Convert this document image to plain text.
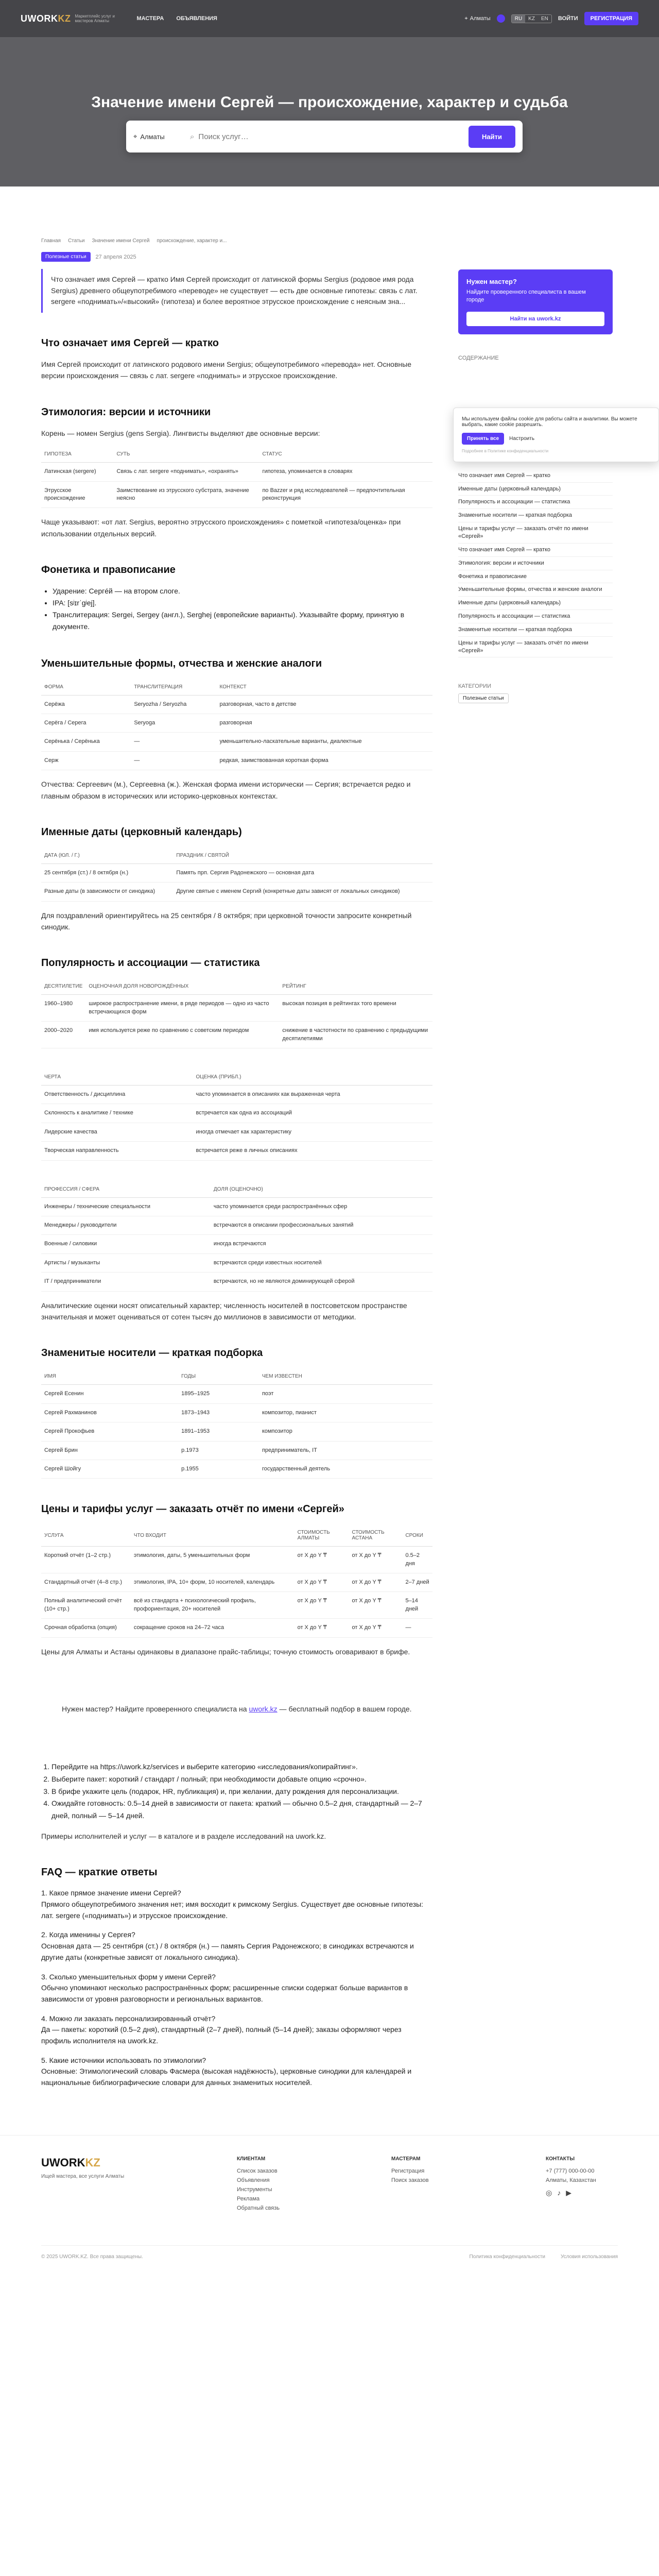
UWORKKZ Маркетплейс услуг и мастеров Алматы	МАСТЕРА ОБЪЯВЛЕНИЯ	⌖ Алматы	RU	KZ	EN	ВОЙТИ	РЕГИСТРАЦИЯ
Значение имени Сергей — происхождение, характер и судьба
⌖ Алматы	⌕
Поиск услуг…	Найти
Главная Статьи Значение имени Сергей происхождение, характер и...
Полезные статьи	27 апреля 2025
Что означает имя Сергей — кратко Имя Сергей происходит от латинской формы Sergius (родовое имя рода Sergius) древнего общеупотребимого «переводе» не существует — есть две основные гипотезы: связь с лат. sergere «поднимать»/«высокий» (гипотеза) и более вероятное этрусское происхождение с неясным зна...
Что означает имя Сергей — кратко

Имя Сергей происходит от латинского родового имени Sergius; общеупотребимого «перевода» нет. Основные версии происхождения — связь с лат. sergere «поднимать» и этрусское происхождение.

Этимология: версии и источники

Корень — номен Sergius (gens Sergia). Лингвисты выделяют две основные версии:

ГИПОТЕЗА	СУТЬ	СТАТУС
Латинская (sergere)	Связь с лат. sergere «поднимать», «охранять»	гипотеза, упоминается в словарях
Этрусское происхождение	Заимствование из этрусского субстрата, значение неясно	по Bazzer и ряд исследователей — предпочтительная реконструкция

Чаще указывают: «от лат. Sergius, вероятно этрусского происхождения» с пометкой «гипотеза/оценка» при использовании отдельных версий.

Фонетика и правописание
• Ударение: Сергéй — на втором слоге.
• IPA: [sʲɪrˈɡʲej].
• Транслитерация: Sergei, Sergey (англ.), Serghej (европейские варианты). Указывайте форму, принятую в документе.
Уменьшительные формы, отчества и женские аналоги
ФОРМА	ТРАНСЛИТЕРАЦИЯ	КОНТЕКСТ
Серёжа	Seryozha / Seryozha	разговорная, часто в детстве
Серёга / Серега	Seryoga	разговорная
Серёнька / Серёнька	—	уменьшительно-ласкательные варианты, диалектные
Серж	—	редкая, заимствованная короткая форма

Отчества: Сергеевич (м.), Сергеевна (ж.). Женская форма имени исторически — Сергия; встречается редко и главным образом в исторических или историко-церковных контекстах.

Именные даты (церковный календарь)
ДАТА (ЮЛ. / Г.)	ПРАЗДНИК / СВЯТОЙ
25 сентября (ст.) / 8 октября (н.)	Память прп. Сергия Радонежского — основная дата
Разные даты (в зависимости от синодика)	Другие святые с именем Сергий (конкретные даты зависят от локальных синодиков)

Для поздравлений ориентируйтесь на 25 сентября / 8 октября; при церковной точности запросите конкретный синодик.

Популярность и ассоциации — статистика
ДЕСЯТИЛЕТИЕ	ОЦЕНОЧНАЯ ДОЛЯ НОВОРОЖДЁННЫХ	РЕЙТИНГ
1960–1980	широкое распространение имени, в ряде периодов — одно из часто встречающихся форм	высокая позиция в рейтингах того времени
2000–2020	имя используется реже по сравнению с советским периодом	снижение в частотности по сравнению с предыдущими десятилетиями
ЧЕРТА	ОЦЕНКА (ПРИБЛ.)
Ответственность / дисциплина	часто упоминается в описаниях как выраженная черта
Склонность к аналитике / технике	встречается как одна из ассоциаций
Лидерские качества	иногда отмечает как характеристику
Творческая направленность	встречается реже в личных описаниях
ПРОФЕССИЯ / СФЕРА	ДОЛЯ (ОЦЕНОЧНО)
Инженеры / технические специальности	часто упоминается среди распространённых сфер
Менеджеры / руководители	встречаются в описании профессиональных занятий
Военные / силовики	иногда встречаются
Артисты / музыканты	встречаются среди известных носителей
IT / предприниматели	встречаются, но не являются доминирующей сферой

Аналитические оценки носят описательный характер; численность носителей в постсоветском пространстве значительная и может оцениваться от сотен тысяч до миллионов в зависимости от методики.

Знаменитые носители — краткая подборка
ИМЯ	ГОДЫ	ЧЕМ ИЗВЕСТЕН
Сергей Есенин	1895–1925	поэт
Сергей Рахманинов	1873–1943	композитор, пианист
Сергей Прокофьев	1891–1953	композитор
Сергей Брин	р.1973	предприниматель, IT
Сергей Шойгу	р.1955	государственный деятель
Цены и тарифы услуг — заказать отчёт по имени «Сергей»
УСЛУГА	ЧТО ВХОДИТ	СТОИМОСТЬ АЛМАТЫ	СТОИМОСТЬ АСТАНА	СРОКИ
Короткий отчёт (1–2 стр.)	этимология, даты, 5 уменьшительных форм	от X до Y ₸	от X до Y ₸	0.5–2 дня
Стандартный отчёт (4–8 стр.)	этимология, IPA, 10+ форм, 10 носителей, календарь	от X до Y ₸	от X до Y ₸	2–7 дней
Полный аналитический отчёт (10+ стр.)	всё из стандарта + психологический профиль, профориентация, 20+ носителей	от X до Y ₸	от X до Y ₸	5–14 дней
Срочная обработка (опция)	сокращение сроков на 24–72 часа	от X до Y ₸	от X до Y ₸	—

Цены для Алматы и Астаны одинаковы в диапазоне прайс-таблицы; точную стоимость оговаривают в брифе.

Нужен мастер? Найдите проверенного специалиста на uwork.kz — бесплатный подбор в вашем городе.
1. Перейдите на https://uwork.kz/services и выберите категорию «исследования/копирайтинг».
2. Выберите пакет: короткий / стандарт / полный; при необходимости добавьте опцию «срочно».
3. В брифе укажите цель (подарок, HR, публикация) и, при желании, дату рождения для персонализации.
4. Ожидайте готовность: 0.5–14 дней в зависимости от пакета: краткий — обычно 0.5–2 дня, стандартный — 2–7 дней, полный — 5–14 дней.

Примеры исполнителей и услуг — в каталоге и в разделе исследований на uwork.kz.

FAQ — краткие ответы
1. Какое прямое значение имени Сергей?
Прямого общеупотребимого значения нет; имя восходит к римскому Sergius. Существует две основные гипотезы: лат. sergere («поднимать») и этрусское происхождение.
2. Когда именины у Сергея?
Основная дата — 25 сентября (ст.) / 8 октября (н.) — память Сергия Радонежского; в синодиках встречаются и другие даты (конкретные зависят от локального синодика).
3. Сколько уменьшительных форм у имени Сергей?
Обычно упоминают несколько распространённых форм; расширенные списки содержат больше вариантов в зависимости от уровня разговорности и региональных вариантов.
4. Можно ли заказать персонализированный отчёт?
Да — пакеты: короткий (0.5–2 дня), стандартный (2–7 дней), полный (5–14 дней); заказы оформляют через профиль исполнителя на uwork.kz.
5. Какие источники использовать по этимологии?
Основные: Этимологический словарь Фасмера (высокая надёжность), церковные синодики для календарей и национальные библиографические словари для данных знаменитых носителей.
Нужен мастер?
Найдите проверенного специалиста в вашем городе
Найти на uwork.kz
СОДЕРЖАНИЕ
Мы используем файлы cookie для работы сайта и аналитики. Вы можете выбрать, какие cookie разрешить.
Принять все	Настроить
Подробнее в Политике конфиденциальности
Что означает имя Сергей — кратко
Именные даты (церковный календарь)
Популярность и ассоциации — статистика
Знаменитые носители — краткая подборка
Цены и тарифы услуг — заказать отчёт по имени «Сергей»
Что означает имя Сергей — кратко
Этимология: версии и источники
Фонетика и правописание
Уменьшительные формы, отчества и женские аналоги
Именные даты (церковный календарь)
Популярность и ассоциации — статистика
Знаменитые носители — краткая подборка
Цены и тарифы услуг — заказать отчёт по имени «Сергей»
КАТЕГОРИИ
Полезные статьи
UWORKKZ
Ищей мастера, все услуги Алматы
КЛИЕНТАМ
Список заказов
Объявления
Инструменты
Реклама
Обратный связь
МАСТЕРАМ
Регистрация
Поиск заказов
КОНТАКТЫ
+7 (777) 000-00-00
Алматы, Казахстан
◎ ♪ ▶
© 2025 UWORK.KZ. Все права защищены.	Политика конфиденциальности	Условия использования
